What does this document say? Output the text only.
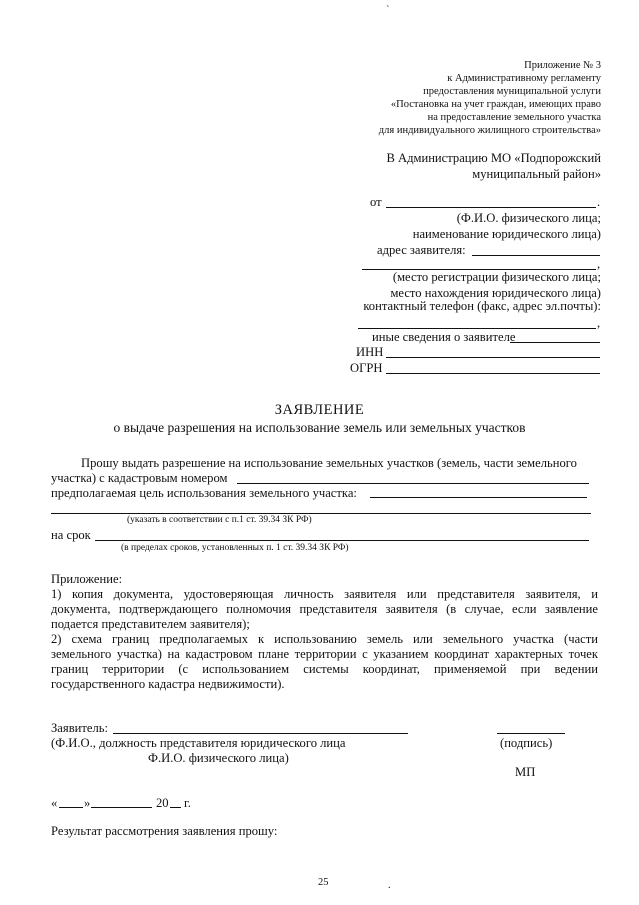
`
Приложение № 3
к Административному регламенту
предоставления муниципальной услуги
«Постановка на учет граждан, имеющих право
на предоставление земельного участка
для индивидуального жилищного строительства»
В Администрацию МО «Подпорожский
муниципальный район»
от	.
(Ф.И.О. физического лица;
наименование юридического лица)
адрес заявителя:
,
(место регистрации физического лица;
место нахождения юридического лица)
контактный телефон (факс, адрес эл.почты):
,
иные сведения о заявителе
ИНН
ОГРН
ЗАЯВЛЕНИЕ
о выдаче разрешения на использование земель или земельных участков
Прошу выдать разрешение на использование земельных участков (земель, части земельного
участка) с кадастровым номером
предполагаемая цель использования земельного участка:
(указать в соответствии с п.1 ст. 39.34 ЗК РФ)
на срок
(в пределах сроков, установленных п. 1 ст. 39.34 ЗК РФ)
Приложение:
1) копия документа, удостоверяющая личность заявителя или представителя заявителя, и
документа, подтверждающего полномочия представителя заявителя (в случае, если заявление
подается представителем заявителя);
2) схема границ предполагаемых к использованию земель или земельного участка (части
земельного участка) на кадастровом плане территории с указанием координат характерных точек
границ территории (с использованием системы координат, применяемой при ведении
государственного кадастра недвижимости).
Заявитель:
(Ф.И.О., должность представителя юридического лица	(подпись)
Ф.И.О. физического лица)
МП
« »	20 г.
Результат рассмотрения заявления прошу:
25	.
